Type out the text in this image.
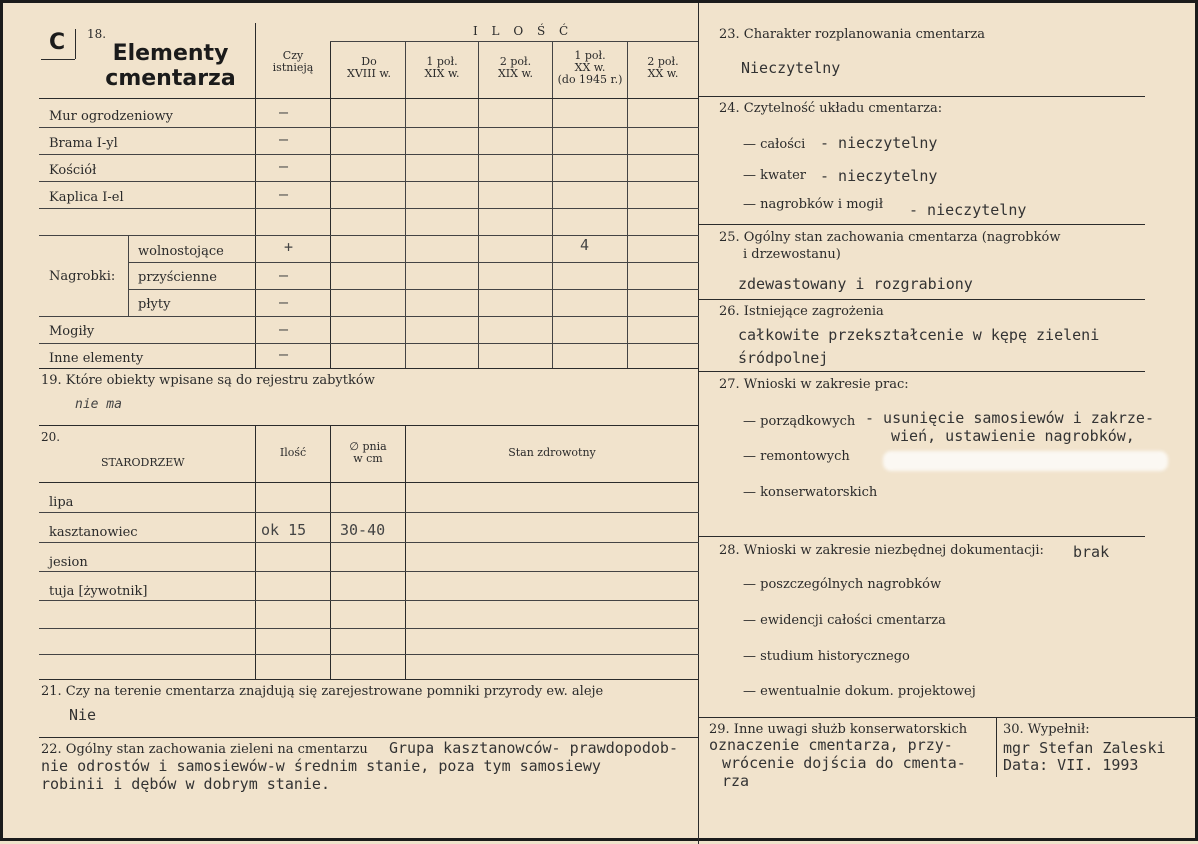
C 18.
Elementy
cmentarza
Czy
istnieją
I L O Ś Ć
Do
XVIII w.
1 poł.
XIX w.
2 poł.
XIX w.
1 poł.
XX w.
(do 1945 r.)
2 poł.
XX w.
Mur ogrodzeniowy
Brama I-yl
Kościół
Kaplica I-el
Nagrobki:
wolnostojące
przyścienne
płyty
Mogiły
Inne elementy
—
—
—
—
+
—
—
—
—
4
19. Które obiekty wpisane są do rejestru zabytków
nie ma
20.
STARODRZEW
Ilość	∅ pnia
w cm	Stan zdrowotny
lipa
kasztanowiec
jesion
tuja [żywotnik]
ok 15 30-40
21. Czy na terenie cmentarza znajdują się zarejestrowane pomniki przyrody ew. aleje
Nie
22. Ogólny stan zachowania zieleni na cmentarzu Grupa kasztanowców- prawdopodob-
nie odrostów i samosiewów-w średnim stanie, poza tym samosiewy
robinii i dębów w dobrym stanie.
23. Charakter rozplanowania cmentarza
Nieczytelny
24. Czytelność układu cmentarza:
— całości - nieczytelny
— kwater - nieczytelny
— nagrobków i mogił - nieczytelny
25. Ogólny stan zachowania cmentarza (nagrobków
i drzewostanu)
zdewastowany i rozgrabiony
26. Istniejące zagrożenia
całkowite przekształcenie w kępę zieleni
śródpolnej
27. Wnioski w zakresie prac:
— porządkowych - usunięcie samosiewów i zakrze-
wień, ustawienie nagrobków,
— remontowych
— konserwatorskich
28. Wnioski w zakresie niezbędnej dokumentacji: brak
— poszczególnych nagrobków
— ewidencji całości cmentarza
— studium historycznego
— ewentualnie dokum. projektowej
29. Inne uwagi służb konserwatorskich
oznaczenie cmentarza, przy-
wrócenie dojścia do cmenta-
rza
30. Wypełnił:
mgr Stefan Zaleski
Data: VII. 1993
